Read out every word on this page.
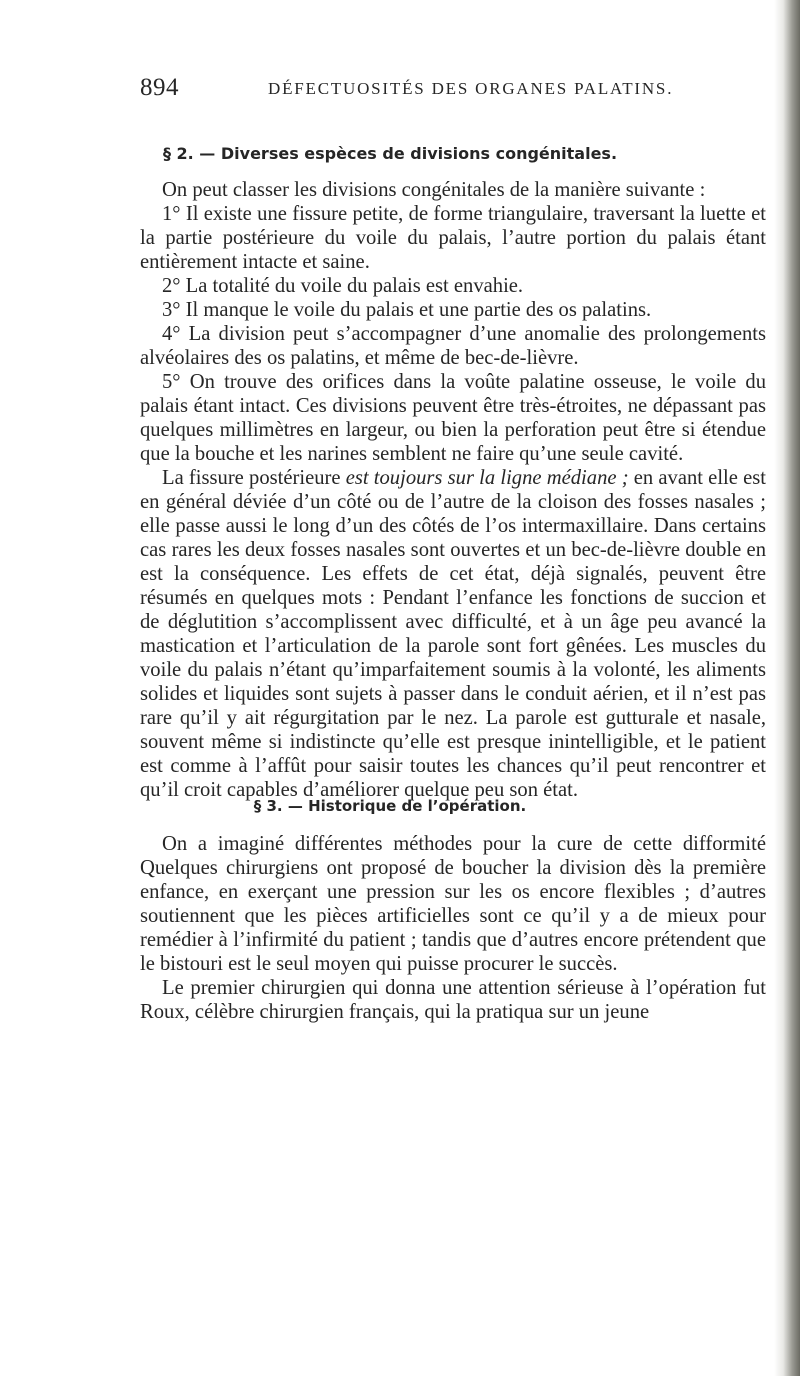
894	DÉFECTUOSITÉS DES ORGANES PALATINS.
§ 2. — Diverses espèces de divisions congénitales.

On peut classer les divisions congénitales de la manière suivante :

1° Il existe une fissure petite, de forme triangulaire, traversant la luette et la partie postérieure du voile du palais, l’autre portion du palais étant entièrement intacte et saine.

2° La totalité du voile du palais est envahie.

3° Il manque le voile du palais et une partie des os palatins.

4° La division peut s’accompagner d’une anomalie des prolongements alvéolaires des os palatins, et même de bec-de-lièvre.

5° On trouve des orifices dans la voûte palatine osseuse, le voile du palais étant intact. Ces divisions peuvent être très-étroites, ne dépassant pas quelques millimètres en largeur, ou bien la perforation peut être si étendue que la bouche et les narines semblent ne faire qu’une seule cavité.

La fissure postérieure est toujours sur la ligne médiane ; en avant elle est en général déviée d’un côté ou de l’autre de la cloison des fosses nasales ; elle passe aussi le long d’un des côtés de l’os intermaxillaire. Dans certains cas rares les deux fosses nasales sont ouvertes et un bec-de-lièvre double en est la conséquence. Les effets de cet état, déjà signalés, peuvent être résumés en quelques mots : Pendant l’enfance les fonctions de succion et de déglutition s’accomplissent avec difficulté, et à un âge peu avancé la mastication et l’articulation de la parole sont fort gênées. Les muscles du voile du palais n’étant qu’imparfaitement soumis à la volonté, les aliments solides et liquides sont sujets à passer dans le conduit aérien, et il n’est pas rare qu’il y ait régurgitation par le nez. La parole est gutturale et nasale, souvent même si indistincte qu’elle est presque inintelligible, et le patient est comme à l’affût pour saisir toutes les chances qu’il peut rencontrer et qu’il croit capables d’améliorer quelque peu son état.

§ 3. — Historique de l’opération.

On a imaginé différentes méthodes pour la cure de cette difformité Quelques chirurgiens ont proposé de boucher la division dès la première enfance, en exerçant une pression sur les os encore flexibles ; d’autres soutiennent que les pièces artificielles sont ce qu’il y a de mieux pour remédier à l’infirmité du patient ; tandis que d’autres encore prétendent que le bistouri est le seul moyen qui puisse procurer le succès.

Le premier chirurgien qui donna une attention sérieuse à l’opération fut Roux, célèbre chirurgien français, qui la pratiqua sur un jeune
